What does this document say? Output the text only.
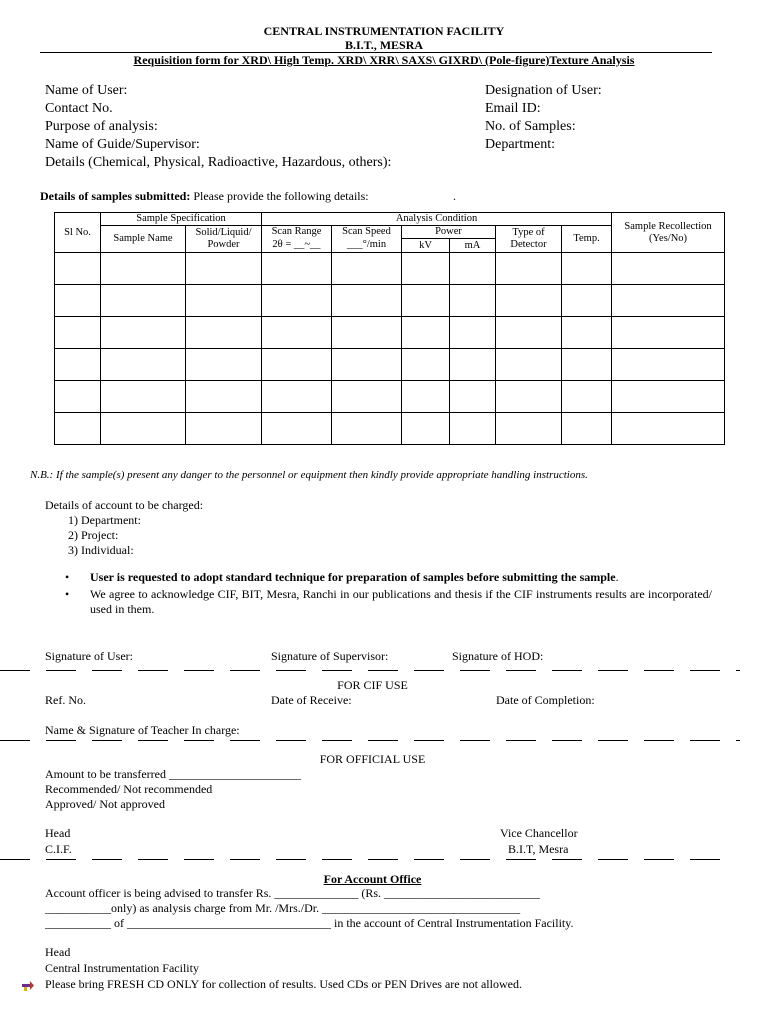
CENTRAL INSTRUMENTATION FACILITY
B.I.T., MESRA
Requisition form for XRD\ High Temp. XRD\ XRR\ SAXS\ GIXRD\ (Pole-figure)Texture Analysis
Name of User:
Contact No.
Purpose of analysis:
Name of Guide/Supervisor:
Details (Chemical, Physical, Radioactive, Hazardous, others):
Designation of User:
Email ID:
No. of Samples:
Department:
Details of samples submitted: Please provide the following details:	.
Sl No.	Sample Specification		Analysis Condition						Sample Recollection (Yes/No)
	Sample Name	Solid/Liquid/ Powder	Scan Range	Scan Speed	Power		Type of Detector	Temp.	
			2θ = __~__	___°/min	kV	mA			

N.B.: If the sample(s) present any danger to the personnel or equipment then kindly provide appropriate handling instructions.
Details of account to be charged:
1) Department:
2) Project:
3) Individual:
• User is requested to adopt standard technique for preparation of samples before submitting the sample.
• We agree to acknowledge CIF, BIT, Mesra, Ranchi in our publications and thesis if the CIF instruments results are incorporated/ used in them.
Signature of User:	Signature of Supervisor:	Signature of HOD:
FOR CIF USE
Ref. No.	Date of Receive:	Date of Completion:
Name & Signature of Teacher In charge:
FOR OFFICIAL USE
Amount to be transferred ______________________
Recommended/ Not recommended
Approved/ Not approved
Head
C.I.F.
Vice Chancellor
B.I.T, Mesra
For Account Office
Account officer is being advised to transfer Rs. ______________ (Rs. __________________________
___________only) as analysis charge from Mr. /Mrs./Dr. _________________________________
___________ of __________________________________ in the account of Central Instrumentation Facility.
Head
Central Instrumentation Facility
Please bring FRESH CD ONLY for collection of results. Used CDs or PEN Drives are not allowed.
